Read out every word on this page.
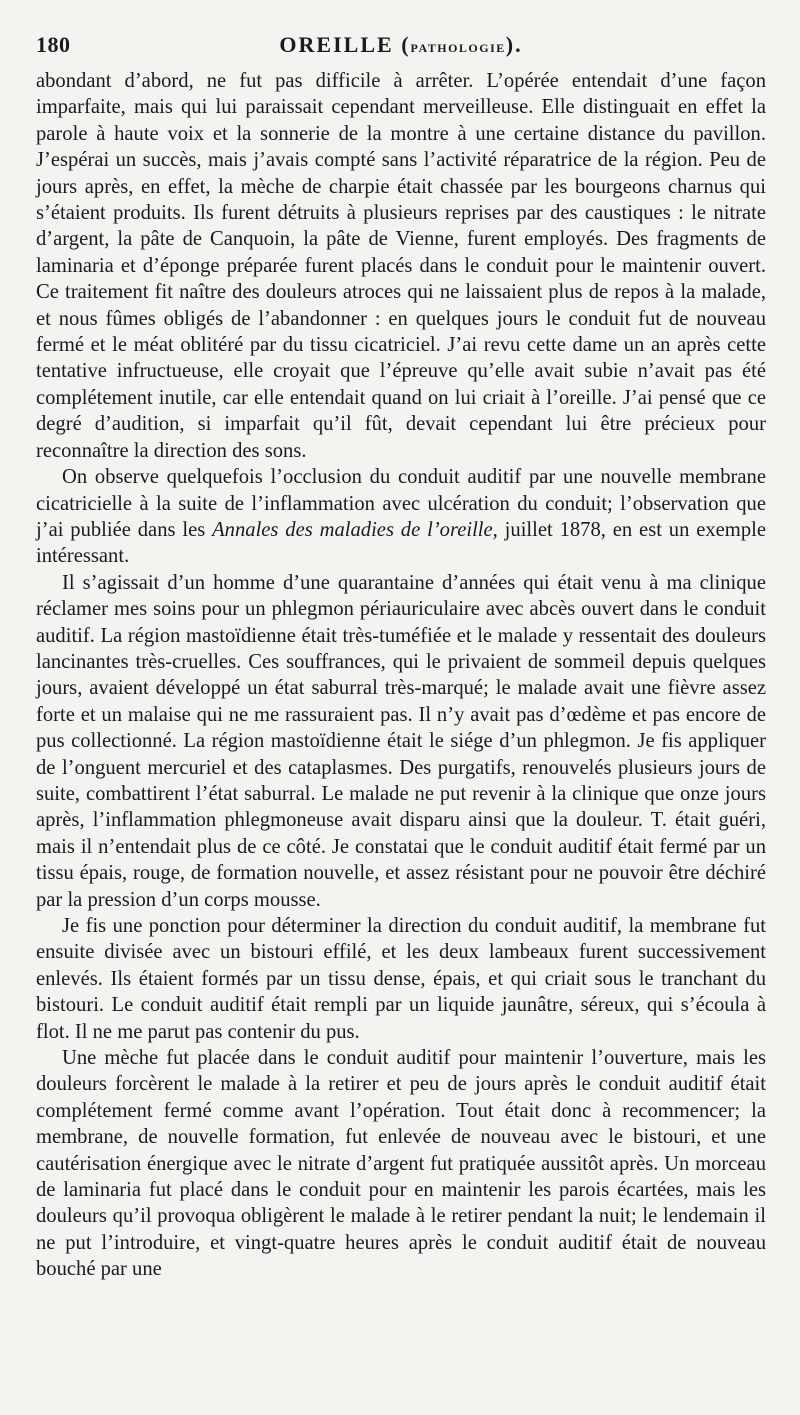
180	OREILLE (pathologie).

abondant d’abord, ne fut pas difficile à arrêter. L’opérée entendait d’une façon imparfaite, mais qui lui paraissait cependant merveilleuse. Elle distinguait en effet la parole à haute voix et la sonnerie de la montre à une certaine distance du pavillon. J’espérai un succès, mais j’avais compté sans l’activité réparatrice de la région. Peu de jours après, en effet, la mèche de charpie était chassée par les bourgeons charnus qui s’étaient produits. Ils furent détruits à plusieurs reprises par des caustiques : le nitrate d’argent, la pâte de Canquoin, la pâte de Vienne, furent employés. Des fragments de laminaria et d’éponge préparée furent placés dans le conduit pour le maintenir ouvert. Ce traitement fit naître des douleurs atroces qui ne laissaient plus de repos à la malade, et nous fûmes obligés de l’abandonner : en quelques jours le conduit fut de nouveau fermé et le méat oblitéré par du tissu cicatriciel. J’ai revu cette dame un an après cette tentative infructueuse, elle croyait que l’épreuve qu’elle avait subie n’avait pas été complétement inutile, car elle entendait quand on lui criait à l’oreille. J’ai pensé que ce degré d’audition, si imparfait qu’il fût, devait cependant lui être précieux pour reconnaître la direction des sons.

On observe quelquefois l’occlusion du conduit auditif par une nouvelle membrane cicatricielle à la suite de l’inflammation avec ulcération du conduit; l’observation que j’ai publiée dans les Annales des maladies de l’oreille, juillet 1878, en est un exemple intéressant.

Il s’agissait d’un homme d’une quarantaine d’années qui était venu à ma clinique réclamer mes soins pour un phlegmon périauriculaire avec abcès ouvert dans le conduit auditif. La région mastoïdienne était très-tuméfiée et le malade y ressentait des douleurs lancinantes très-cruelles. Ces souffrances, qui le privaient de sommeil depuis quelques jours, avaient développé un état saburral très-marqué; le malade avait une fièvre assez forte et un malaise qui ne me rassuraient pas. Il n’y avait pas d’œdème et pas encore de pus collectionné. La région mastoïdienne était le siége d’un phlegmon. Je fis appliquer de l’onguent mercuriel et des cataplasmes. Des purgatifs, renouvelés plusieurs jours de suite, combattirent l’état saburral. Le malade ne put revenir à la clinique que onze jours après, l’inflammation phlegmoneuse avait disparu ainsi que la douleur. T. était guéri, mais il n’entendait plus de ce côté. Je constatai que le conduit auditif était fermé par un tissu épais, rouge, de formation nouvelle, et assez résistant pour ne pouvoir être déchiré par la pression d’un corps mousse.

Je fis une ponction pour déterminer la direction du conduit auditif, la membrane fut ensuite divisée avec un bistouri effilé, et les deux lambeaux furent successivement enlevés. Ils étaient formés par un tissu dense, épais, et qui criait sous le tranchant du bistouri. Le conduit auditif était rempli par un liquide jaunâtre, séreux, qui s’écoula à flot. Il ne me parut pas contenir du pus.

Une mèche fut placée dans le conduit auditif pour maintenir l’ouverture, mais les douleurs forcèrent le malade à la retirer et peu de jours après le conduit auditif était complétement fermé comme avant l’opération. Tout était donc à recommencer; la membrane, de nouvelle formation, fut enlevée de nouveau avec le bistouri, et une cautérisation énergique avec le nitrate d’argent fut pratiquée aussitôt après. Un morceau de laminaria fut placé dans le conduit pour en maintenir les parois écartées, mais les douleurs qu’il provoqua obligèrent le malade à le retirer pendant la nuit; le lendemain il ne put l’introduire, et vingt-quatre heures après le conduit auditif était de nouveau bouché par une
